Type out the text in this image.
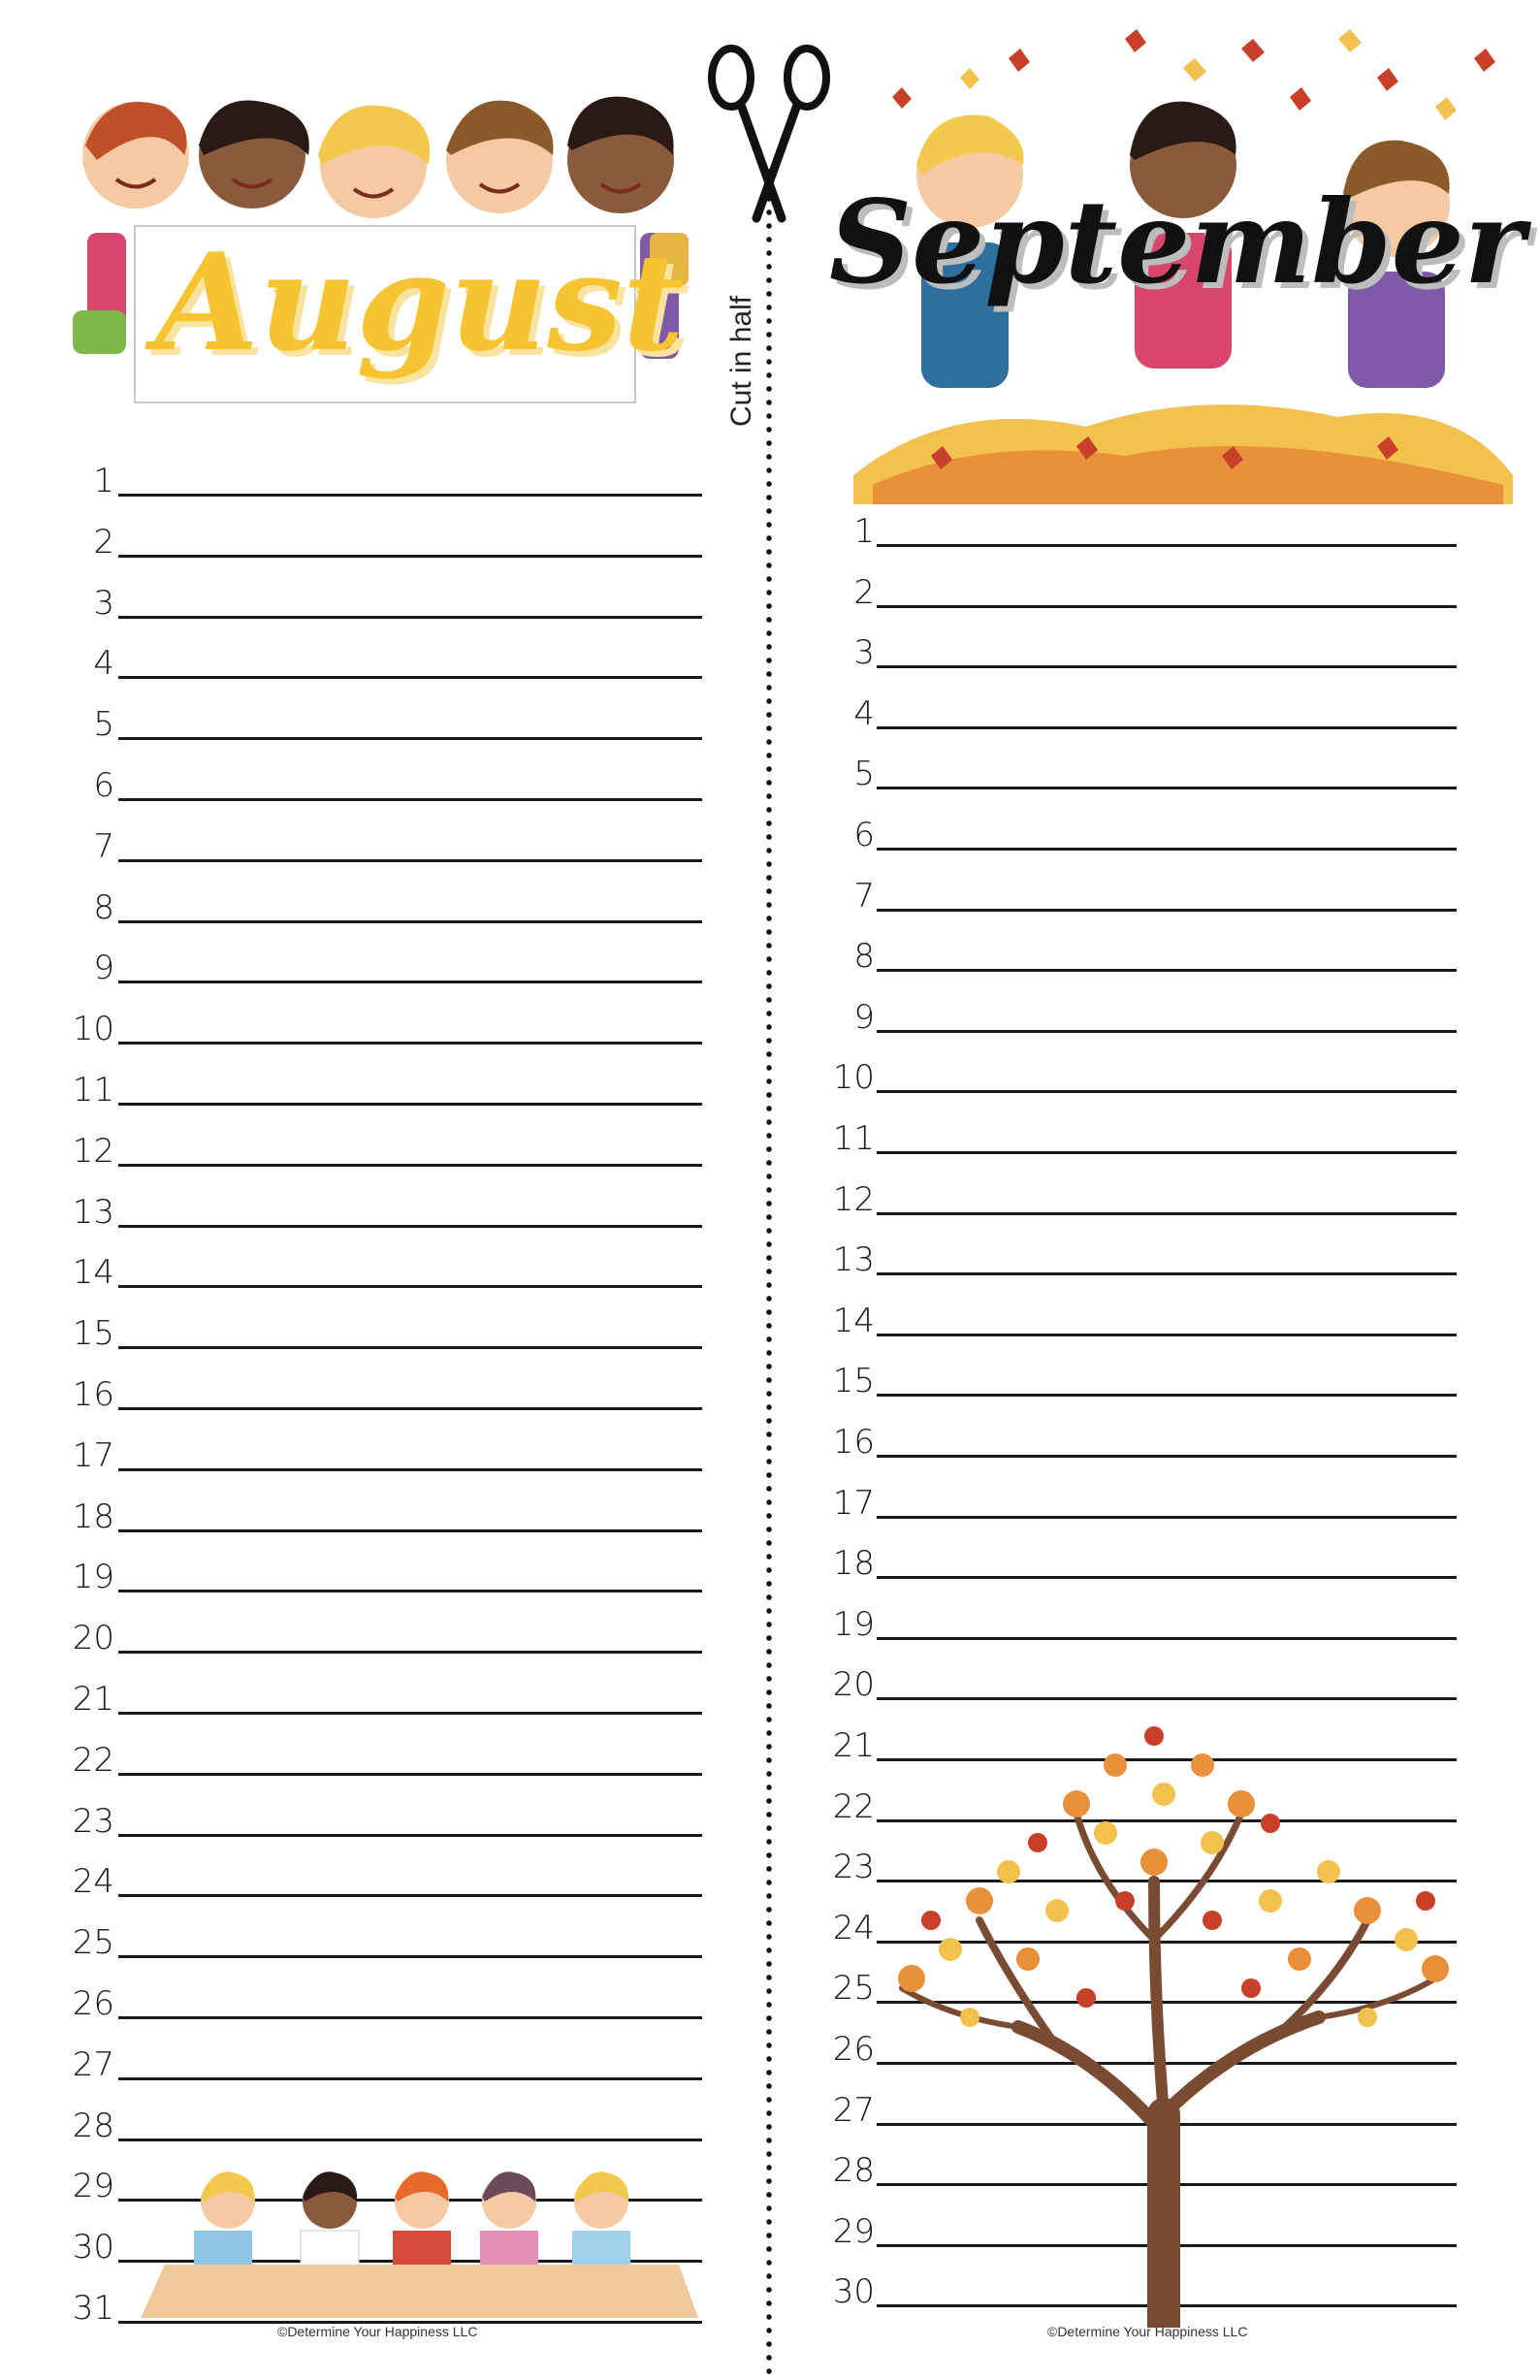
August
1
2
3
4
5
6
7
8
9
10
11
12
13
14
15
16
17
18
19
20
21
22
23
24
25
26
27
28
29
30
31
©Determine Your Happiness LLC
Cut in half
September
1
2
3
4
5
6
7
8
9
10
11
12
13
14
15
16
17
18
19
20
21
22
23
24
25
26
27
28
29
30
©Determine Your Happiness LLC
